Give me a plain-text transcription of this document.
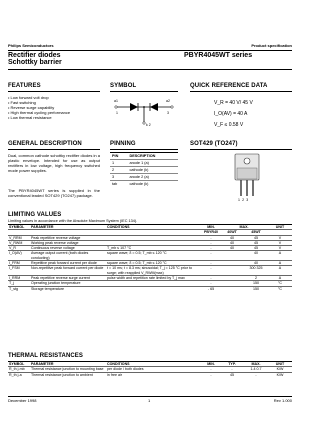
Philips Semiconductors	Product specification
Rectifier diodes
Schottky barrier
PBYR4045WT series
FEATURES
• Low forward volt drop
• Fast switching
• Reverse surge capability
• High thermal cycling performance
• Low thermal resistance
SYMBOL
a1
1
a2
3
k 2
QUICK REFERENCE DATA
V_R = 40 V/ 45 V
I_O(AV) = 40 A
V_F ≤ 0.58 V
GENERAL DESCRIPTION
Dual, common cathode schottky rectifier diodes in a plastic envelope. Intended for use as output rectifiers in low voltage, high frequency switched mode power supplies.
The PBYR4045WT series is supplied in the conventional leaded SOT429 (TO247) package.
PINNING
PIN	DESCRIPTION
1	anode 1 (a)
2	cathode (k)
3	anode 2 (a)
tab	cathode (k)
SOT429 (TO247)
1 2 3
LIMITING VALUES
Limiting values in accordance with the Absolute Maximum System (IEC 134).
SYMBOL	PARAMETER	CONDITIONS	MIN.	MAX.		UNIT
			PBYR40	40WT	45WT	
V_RRM	Peak repetitive reverse voltage		-	40	45	V
V_RWM	Working peak reverse voltage		-	40	45	V
V_R	Continuous reverse voltage	T_mb ≤ 107 °C	-	40	45	V
I_O(AV)	Average output current (both diodes conducting)	square wave; δ = 0.5; T_mb ≤ 120 °C	-		40	A
I_FRM	Repetitive peak forward current per diode	square wave; δ = 0.5; T_mb ≤ 120 °C	-		40	A
I_FSM	Non-repetitive peak forward current per diode	t = 10 ms; t = 8.3 ms; sinusoidal; T_j = 125 °C prior to surge; with reapplied V_RWM(max)	-		300 325	A
I_RRM	Peak repetitive reverse surge current	pulse width and repetition rate limited by T_j max	-		2	A
T_j	Operating junction temperature		-		150	°C
T_stg	Storage temperature		- 65		150	°C
THERMAL RESISTANCES
SYMBOL	PARAMETER	CONDITIONS	MIN.	TYP.	MAX.	UNIT
R_th j-mb	Thermal resistance junction to mounting base	per diode / both diodes	-	-	1.4 0.7	K/W
R_th j-a	Thermal resistance junction to ambient	in free air	-	45	-	K/W
December 1998	1	Rev 1.000
